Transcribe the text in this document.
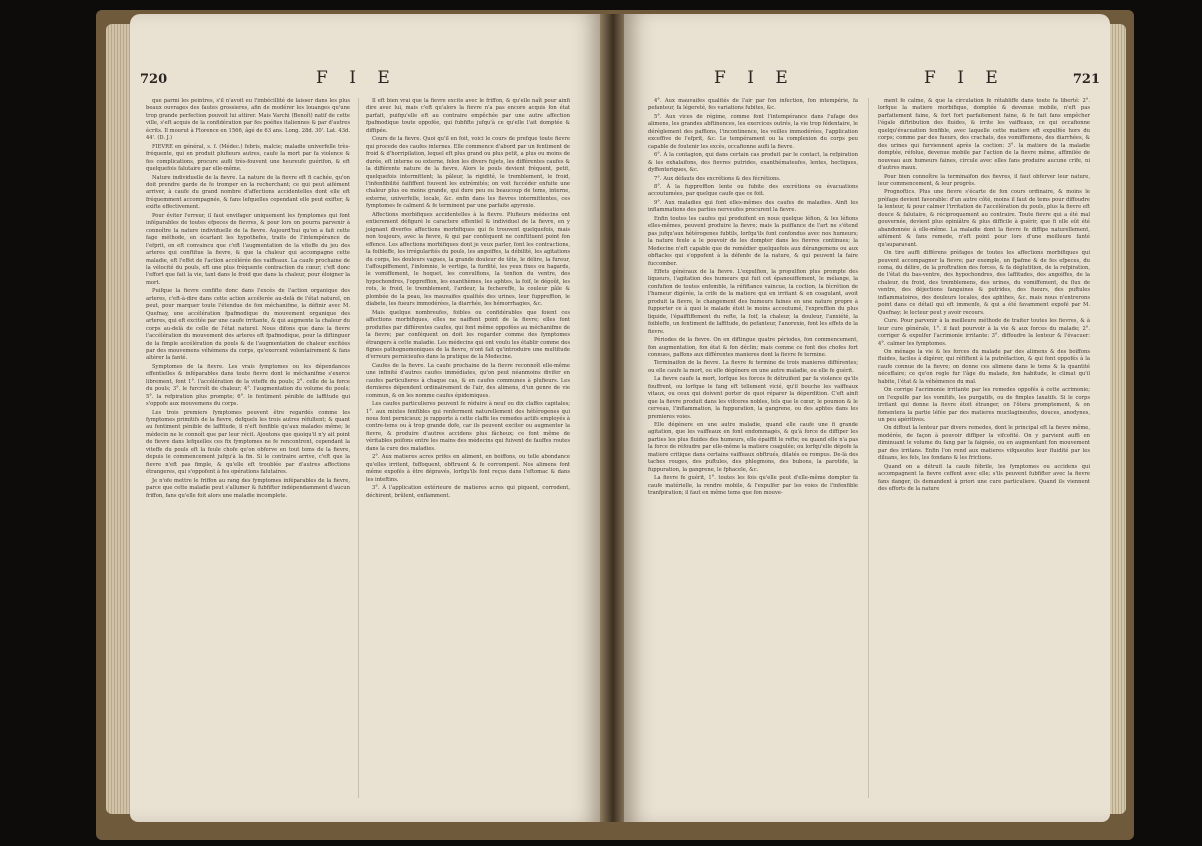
720	F I E

que parmi les peintres, s'il n'avoit eu l'imbécillité de laisser dans les plus beaux ouvrages des fautes grossieres, afin de modérer les louanges qu'une trop grande perfection pouvoit lui attirer. Mais Varchi (Benoît) natif de cette ville, s'eft acquis de la confidération par fes poéfies italiennes & par d'autres écrits. Il mourut à Florence en 1566, âgé de 63 ans. Long. 28d. 30'. Lat. 43d. 44'. (D. J.)

FIEVRE en général, s. f. (Médec.) febris, malcie; maladie univerfelle très-fréquente, qui en produit plufieurs autres, caufe la mort par fa violence & fes complications, procure aufli très-fouvent une heureufe guérifon, & eft quelquefois falutaire par elle-même.

Nature individuelle de la fievre. La nature de la fievre eft fi cachée, qu'on doit prendre garde de fe tromper en la recherchant; ce qui peut aifément arriver, à caufe du grand nombre d'affections accidentelles dont elle eft fréquemment accompagnée, & fans lefquelles cependant elle peut exifter, & exifte effectivement.

Pour éviter l'erreur, il faut envifager uniquement les fymptomes qui font inféparables de toutes efpeces de fievres, & pour lors on pourra parvenir à connoître la nature individuelle de la fievre. Aujourd'hui qu'on a fait cette fage méthode, en écartant les hypothefes, traits de l'intempérance de l'efprit, on eft convaincu que c'eft l'augmentation de la viteffe du jeu des arteres qui conftitue la fievre, & que la chaleur qui accompagne cette maladie, eft l'effet de l'action accélérée des vaiffeaux. La caufe prochaine de la vélocité du pouls, eft une plus fréquente contraction du cœur; c'eft donc l'effort que fait la vie, tant dans le froid que dans la chaleur, pour éloigner la mort.

Puifque la fievre confifte donc dans l'excès de l'action organique des arteres, c'eft-à-dire dans cette action accélerée au-delà de l'état naturel, on peut, pour marquer toute l'étendue de fon méchanifme, la définir avec M. Quefnay, une accélération fpafmodique du mouvement organique des arteres, qui eft excitée par une caufe irritante, & qui augmente la chaleur du corps au-delà de celle de l'état naturel. Nous difons que dans la fievre l'accélération du mouvement des arteres eft fpafmodique, pour la diftinguer de la fimple accélération du pouls & de l'augmentation de chaleur excitées par des mouvemens véhémens du corps, qu'exercent volontairement & fans altérer la fanté.

Symptomes de la fievre. Les vrais fymptomes ou les dépendances effentielles & inféparables dans toute fievre dont le méchanifme s'exerce librement, font 1°. l'accélération de la viteffe du pouls; 2°. celle de la force du pouls; 3°. le furcroît de chaleur; 4°. l'augmentation du volume du pouls; 5°. la refpiration plus prompte; 6°. le fentiment pénible de laffitude qui s'oppofe aux mouvemens du corps.

Les trois premiers fymptomes peuvent être regardés comme les fymptomes primitifs de la fievre, defquels les trois autres réfultent; & quant au fentiment pénible de laffitude, il n'eft fenfible qu'aux malades même; le médecin ne le connoît que par leur récit. Ajoutons que quoiqu'il n'y ait point de fievre dans lefquelles ces fix fymptomes ne fe rencontrent, cependant la viteffe du pouls eft la feule chofe qu'on obferve en tout tems de la fievre, depuis le commencement jufqu'à la fin. Si le contraire arrive, c'eft que la fievre n'eft pas fimple, & qu'elle eft troublée par d'autres affections étrangeres, qui s'oppofent à fes opérations falutaires.

Je n'ofe mettre le friffon au rang des fymptomes inféparables de la fievre, parce que cette maladie peut s'allumer & fubfifter indépendamment d'aucun friffon, fans qu'elle foit alors une maladie incomplete.

Il eft bien vrai que la fievre excite avec le friffon, & qu'elle naît pour ainfi dire avec lui, mais c'eft qu'alors la fievre n'a pas encore acquis fon état parfait, puifqu'elle eft au contraire empêchée par une autre affection fpafmodique toute oppofée, qui fubfifte jufqu'à ce qu'elle l'ait domptée & diffipée.

Cours de la fievre. Quoi qu'il en foit, voici le cours de prefque toute fievre qui procede des caufes internes. Elle commence d'abord par un fentiment de froid & d'horripilation, lequel eft plus grand ou plus petit, a plus ou moins de durée, eft interne ou externe, felon les divers fujets, les différentes caufes & la différente nature de la fievre. Alors le pouls devient fréquent, petit, quelquefois intermittent; la pâleur, la rigidité, le tremblement, le froid, l'infenfibilité faififfent fouvent les extrémités; on voit fuccéder enfuite une chaleur plus ou moins grande, qui dure peu ou beaucoup de tems, interne, externe, univerfelle, locale, &c. enfin dans les fievres intermittentes, ces fymptomes fe calment & fe terminent par une parfaite apyrexie.

Affections morbifiques accidentelles à la fievre. Plufieurs médecins ont entierement défiguré le caractere effentiel & individuel de la fievre, en y joignant diverfes affections morbifiques qui fe trouvent quelquefois, mais non toujours, avec la fievre, & qui par conféquent ne conftituent point fon effence. Les affections morbifiques dont je veux parler, font les contractions, la foibleffe, les irrégularités du pouls, les angoiffes, la débilité, les agitations du corps, les douleurs vagues, la grande douleur de tête, le délire, la fureur, l'affoupiffement, l'infomnie, le vertige, la furdité, les yeux fixes ou hagards, le vomiffement, le hoquet, les convulfions, la tenfion du ventre, des hypochondres, l'oppreffion, les exanthèmes, les aphtes, la foif, le dégoût, les rots, le froid, le tremblement, l'ardeur, la fechereffe, la couleur pâle & plombée de la peau, les mauvaifes qualités des urines, leur fuppreffion, le diabete, les fueurs immodérées, la diarrhée, les hémorrhagies, &c.

Mais quelque nombreufes, foibles ou confidérables que foient ces affections morbifiques, elles ne naiffent point de la fievre; elles font produites par différentes caufes, qui font même oppofées au méchanifme de la fievre; par conféquent on doit les regarder comme des fymptomes étrangers à cette maladie. Les médecins qui ont voulu les établir comme des fignes pathognomoniques de la fievre, n'ont fait qu'introduire une multitude d'erreurs pernicieufes dans la pratique de la Medecine.

Caufes de la fievre. La caufe prochaine de la fievre reconnoît elle-même une infinité d'autres caufes immédiates, qu'on peut néanmoins divifer en caufes particulieres à chaque cas, & en caufes communes à plufieurs. Les dernieres dépendent ordinairement de l'air, des alimens, d'un genre de vie commun, & on les nomme caufes épidemiques.

Les caufes particulieres peuvent fe réduire à neuf ou dix claffes capitales; 1°. aux mixtes fenfibles qui renferment naturellement des hétérogenes qui nous font pernicieux; je rapporte à cette claffe les remedes actifs employés à contre-tems ou à trop grande dofe, car ils peuvent exciter ou augmenter la fievre, & produire d'autres accidens plus fâcheux; ce font même de véritables poifons entre les mains des médecins qui fuivent de fauffes routes dans la cure des maladies.

2°. Aux matieres acres prifes en aliment, en boiffons, ou telle abondance qu'elles irritent, fuffoquent, obftruent & fe corrompent. Nos alimens font même expofés à être dépravés, lorfqu'ils font reçus dans l'eftomac & dans les inteftins.

3°. À l'application extérieure de matieres acres qui piquent, corrodent, déchirent, brûlent, enflamment.

F I E	F I E	721

4°. Aux mauvaifes qualités de l'air par fon infection, fon intempérie, fa pefanteur, fa légereté, fes variations fubites, &c.

5°. Aux vices de régime, comme font l'intempérance dans l'ufage des alimens, les grandes abftinences, les exercices outrés, la vie trop fédentaire, le déréglement des paffions, l'incontinence, les veilles immodérées, l'application exceffive de l'efprit, &c. Le tempérament ou la complexion du corps peu capable de foutenir les excès, occafionne aufli la fievre.

6°. À la contagion, qui dans certain cas produit par le contact, la refpiration & les exhalaifons, des fievres putrides, exanthémateufes, lentes, hectiques, dyffenteriques, &c.

7°. Aux défauts des excrétions & des fécrétions.

8°. À la fuppreffion lente ou fubite des excrétions ou évacuations accoutumées, par quelque caufe que ce foit.

9°. Aux maladies qui font elles-mêmes des caufes de maladies. Ainfi les inflammations des parties nerveufes procurent la fievre.

Enfin toutes les caufes qui produifent en nous quelque léfion, & les léfions elles-mêmes, peuvent produire la fievre; mais la puiffance de l'art ne s'étend pas jufqu'aux hétérogenes fubtils, lorfqu'ils font confondus avec nos humeurs; la nature feule a le pouvoir de les dompter dans les fievres continues; la Medecine n'eft capable que de remédier quelquefois aux dérangemens ou aux obftacles qui s'oppofent à la défenfe de la nature, & qui peuvent la faire fuccomber.

Effets généraux de la fievre. L'expulfion, la propulfion plus prompte des liqueurs, l'agitation des humeurs qui fuit cet épanouiffement, le mélange, la confufion de toutes enfemble, la réfiftance vaincue, la coction, la fécrétion de l'humeur digérée, la crife de la matiere qui en irritant & en coagulant, avoit produit la fievre, le changement des humeurs faines en une nature propre à fupporter ce à quoi le malade étoit le moins accoutumé, l'expreffion du plus liquide, l'épaiffiffement du refte, la foif, la chaleur, la douleur, l'anxiété, la foibleffe, un fentiment de laffitude, de pefanteur, l'anorexie, font les effets de la fievre.

Périodes de la fievre. On en diftingue quatre périodes, fon commencement, fon augmentation, fon état & fon déclin; mais comme ce font des chofes fort connues, paffons aux différentes manieres dont la fievre fe termine.

Terminaifon de la fievre. La fievre fe termine de trois manieres différentes; ou elle caufe la mort, ou elle dégénere en une autre maladie, ou elle fe guérit.

La fievre caufe la mort, lorfque les forces fe détruifent par fa violence qu'ils fouffrent, ou lorfque le fang eft tellement vicié, qu'il bouche les vaiffeaux vitaux, ou ceux qui doivent porter de quoi réparer la déperdition. C'eft ainfi que la fievre produit dans les vifceres nobles, tels que le cœur, le poumon & le cerveau, l'inflammation, la fuppuration, la gangrene, ou des aphtes dans les premieres voies.

Elle dégénere en une autre maladie, quand elle caufe une fi grande agitation, que les vaiffeaux en font endommagés, & qu'à force de diffiper les parties les plus fluides des humeurs, elle épaiffit le refte; ou quand elle n'a pas la force de réfoudre par elle-même la matiere coagulée; ou lorfqu'elle dépofe la matiere critique dans certains vaiffeaux obftrués, dilatés ou rompus. De-là des taches rouges, des puftules, des phlegmons, des bubons, la parotide, la fuppuration, la gangrene, le fphacele, &c.

La fievre fe guérit, 1°. toutes les fois qu'elle peut d'elle-même dompter fa caufe matérielle, la rendre mobile, & l'expulfer par les voies de l'infenfible tranfpiration; il faut en même tems que fon mouve-

ment fe calme, & que la circulation fe rétabliffe dans toute fa liberté: 2°. lorfque la matiere morbifique, domptée & devenue mobile, n'eft pas parfaitement faine, & fort fort parfaitement faine, & fe fait fans empêcher l'égale diftribution des fluides, & irrite les vaiffeaux, ce qui occafionne quelqu'évacuation fenfible, avec laquelle cette matiere eft expulfée hors du corps; comme par des fueurs, des crachats, des vomiffemens, des diarrhées, & des urines qui furviennent après la coction: 3°. la matiere de la maladie domptée, réfolue, devenue mobile par l'action de la fievre même, affimilée de nouveau aux humeurs faines, circule avec elles fans produire aucune crife, ni d'autres maux.

Pour bien connoître la terminaifon des fievres, il faut obferver leur nature, leur commencement, & leur progrès.

Prognoftics. Plus une fievre s'écarte de fon cours ordinaire, & moins le préfage devient favorable: d'un autre côté, moins il faut de tems pour diffoudre la lenteur, & pour calmer l'irritation de l'accélération du pouls, plus la fievre eft douce & falutaire, & réciproquement au contraire. Toute fievre qui a été mal gouvernée, devient plus opiniâtre & plus difficile à guérir, que fi elle eût été abandonnée à elle-même. La maladie dont la fievre fe diffipe naturellement, aifément & fans remede, n'eft point pour lors d'une meilleure fanté qu'auparavant.

On tire auffi différens préfages de toutes les affections morbifiques qui peuvent accompagner la fievre; par exemple, un fpafme & de fes efpeces, du coma, du délire, de la proftration des forces, & fa déglutition, de la refpiration, de l'état du bas-ventre, des hypochondres, des laffitudes, des angoiffes, de la chaleur, du froid, des tremblemens, des urines, du vomiffement, du flux de ventre, des déjections fanguines & putrides, des fueurs, des puftules inflammatoires, des douleurs locales, des aphthes, &c. mais nous n'entrerons point dans ce détail qui eft immenfe, & qui a été favamment expofé par M. Quefnay; le lecteur peut y avoir recours.

Cure. Pour parvenir à la meilleure méthode de traiter toutes les fievres, & à leur cure générale, 1°. il faut pourvoir à la vie & aux forces du malade; 2°. corriger & expulfer l'acrimonie irritante: 3°. diffoudre la lenteur & l'évacuer: 4°. calmer les fymptomes.

On ménage la vie & les forces du malade par des alimens & des boiffons fluides, faciles à digérer, qui réfiftent à la putréfaction, & qui font oppofés à la caufe connue de la fievre; on donne ces alimens dans le tems & la quantité néceffaire; ce qu'on regle fur l'âge du malade, fon habitude, le climat qu'il habite, l'état & la véhémence du mal.

On corrige l'acrimonie irritante par les remedes oppofés à cette acrimonie; on l'expulfe par les vomitifs, les purgatifs, ou de fimples laxatifs. Si le corps irritant qui donne la fievre étoit étranger, on l'ôtera promptement, & on fomentera la partie léfée par des matieres mucilagineufes, douces, anodynes, un peu apéritives.

On diffout la lenteur par divers remedes, dont le principal eft la fievre même, modérée, de façon à pouvoir diffiper la vifcofité. On y parvient auffi en diminuant le volume du fang par la faignée, ou en augmentant fon mouvement par des irritans. Enfin l'on rend aux matieres vifqueufes leur fluidité par les diluans, les fels, les fondans & les frictions.

Quand on a détruit la caufe fébrile, les fymptomes ou accidens qui accompagnent la fievre ceffent avec elle; s'ils peuvent fubfifter avec la fievre fans danger, ils demandent à priori une cure particuliere. Quand ils viennent des efforts de la nature
